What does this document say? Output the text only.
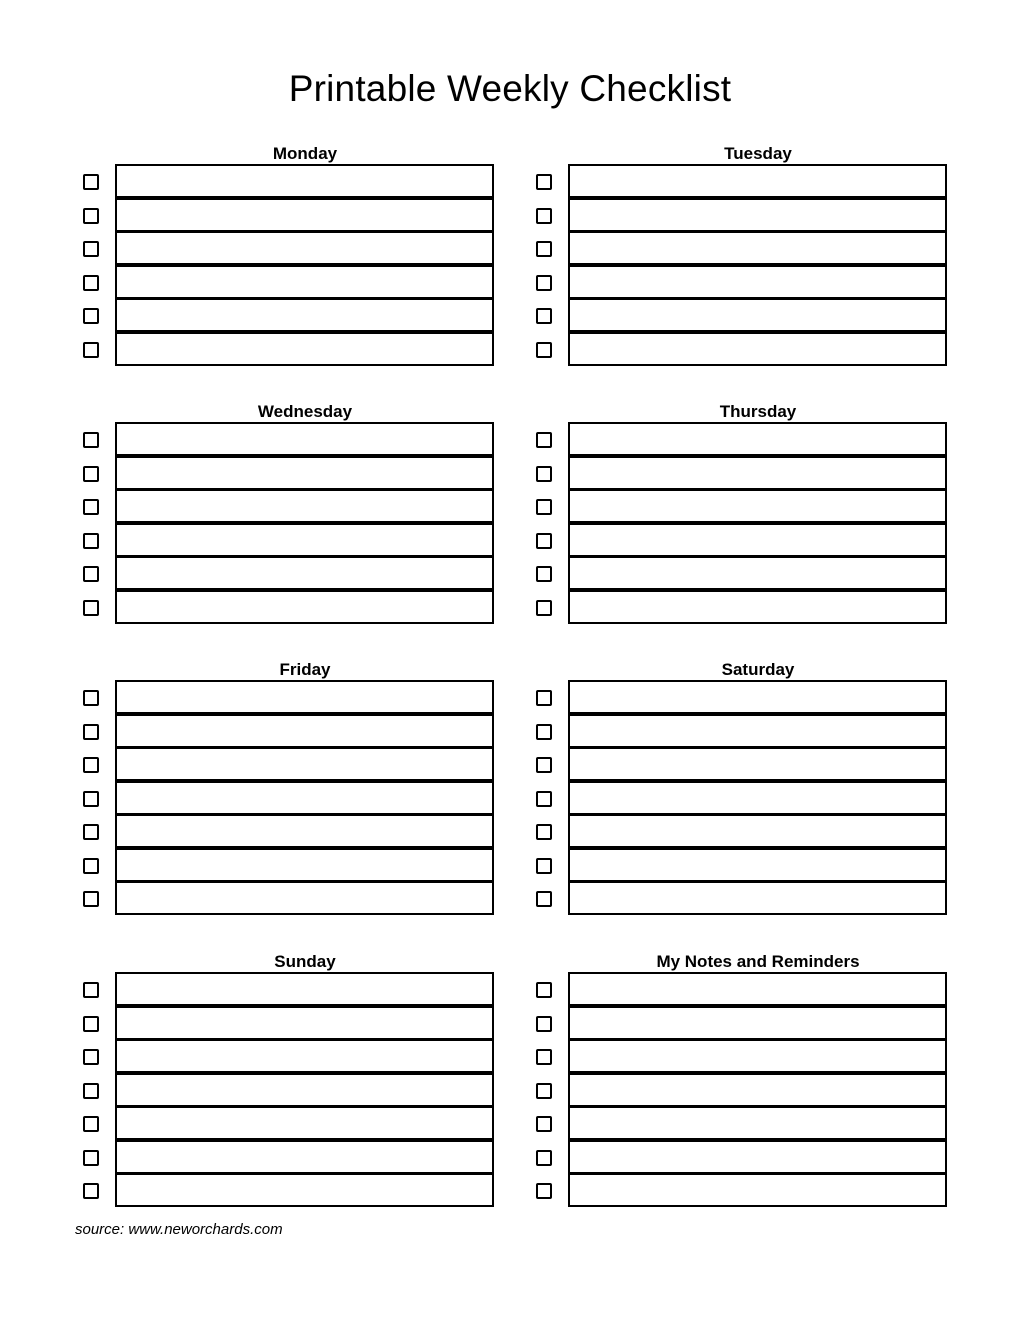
Printable Weekly Checklist
Monday	Tuesday
Wednesday	Thursday
Friday	Saturday
Sunday	My Notes and Reminders
source: www.neworchards.com
